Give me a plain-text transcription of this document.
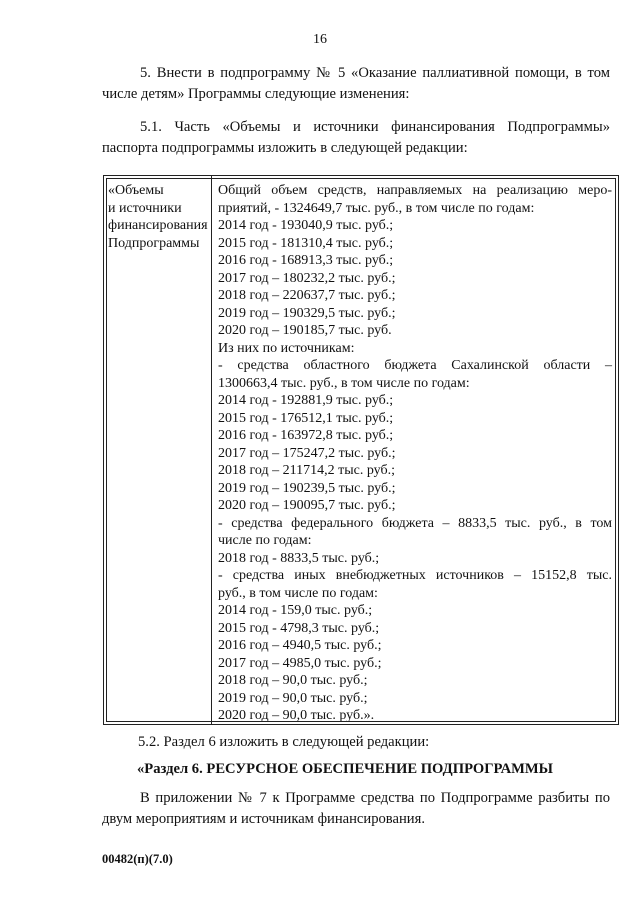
16
5. Внести в подпрограмму № 5 «Оказание паллиативной помощи, в том числе детям» Программы следующие изменения:
5.1. Часть «Объемы и источники финансирования Подпрограммы» паспорта подпрограммы изложить в следующей редакции:
«Объемы
и источники
финансирования
Подпрограммы
Общий объем средств, направляемых на реализацию меро-
приятий, - 1324649,7 тыс. руб., в том числе по годам:
2014 год - 193040,9 тыс. руб.;
2015 год - 181310,4 тыс. руб.;
2016 год - 168913,3 тыс. руб.;
2017 год – 180232,2 тыс. руб.;
2018 год – 220637,7 тыс. руб.;
2019 год – 190329,5 тыс. руб.;
2020 год – 190185,7 тыс. руб.
Из них по источникам:
- средства областного бюджета Сахалинской области –
1300663,4 тыс. руб., в том числе по годам:
2014 год - 192881,9 тыс. руб.;
2015 год - 176512,1 тыс. руб.;
2016 год - 163972,8 тыс. руб.;
2017 год – 175247,2 тыс. руб.;
2018 год – 211714,2 тыс. руб.;
2019 год – 190239,5 тыс. руб.;
2020 год – 190095,7 тыс. руб.;
- средства федерального бюджета – 8833,5 тыс. руб., в том
числе по годам:
2018 год - 8833,5 тыс. руб.;
- средства иных внебюджетных источников – 15152,8 тыс.
руб., в том числе по годам:
2014 год - 159,0 тыс. руб.;
2015 год - 4798,3 тыс. руб.;
2016 год – 4940,5 тыс. руб.;
2017 год – 4985,0 тыс. руб.;
2018 год – 90,0 тыс. руб.;
2019 год – 90,0 тыс. руб.;
2020 год – 90,0 тыс. руб.».
5.2. Раздел 6 изложить в следующей редакции:
«Раздел 6. РЕСУРСНОЕ ОБЕСПЕЧЕНИЕ ПОДПРОГРАММЫ
В приложении № 7 к Программе средства по Подпрограмме разбиты по двум мероприятиям и источникам финансирования.
00482(п)(7.0)
